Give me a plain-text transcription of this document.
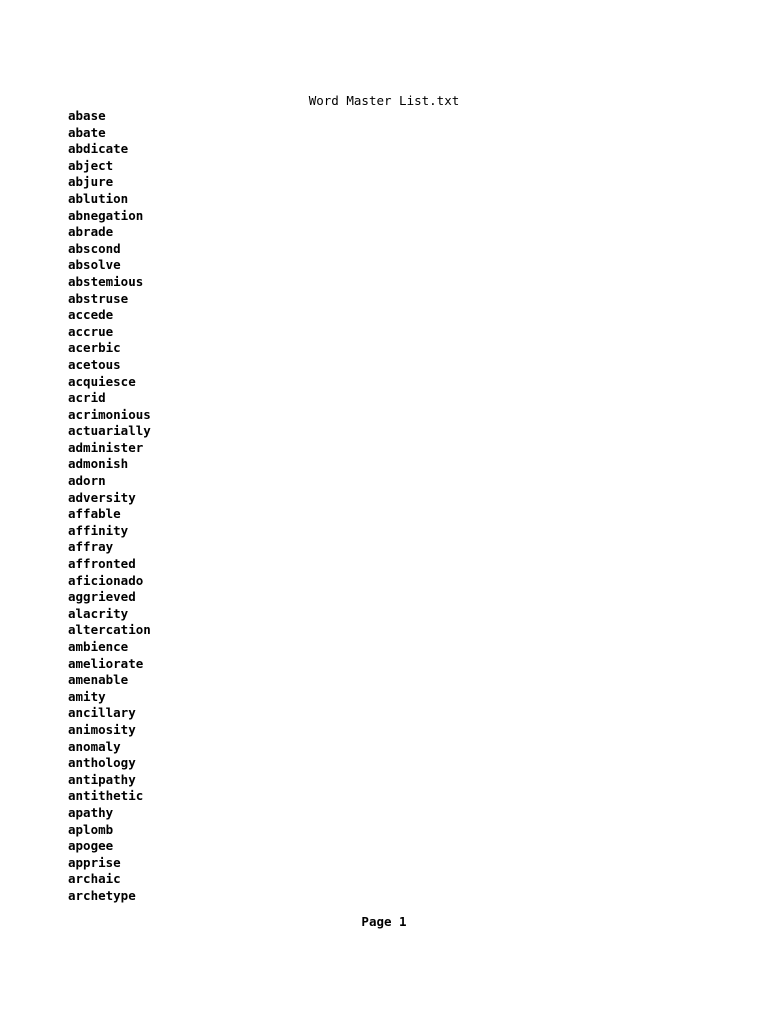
Word Master List.txt
abase
abate
abdicate
abject
abjure
ablution
abnegation
abrade
abscond
absolve
abstemious
abstruse
accede
accrue
acerbic
acetous
acquiesce
acrid
acrimonious
actuarially
administer
admonish
adorn
adversity
affable
affinity
affray
affronted
aficionado
aggrieved
alacrity
altercation
ambience
ameliorate
amenable
amity
ancillary
animosity
anomaly
anthology
antipathy
antithetic
apathy
aplomb
apogee
apprise
archaic
archetype
Page 1
